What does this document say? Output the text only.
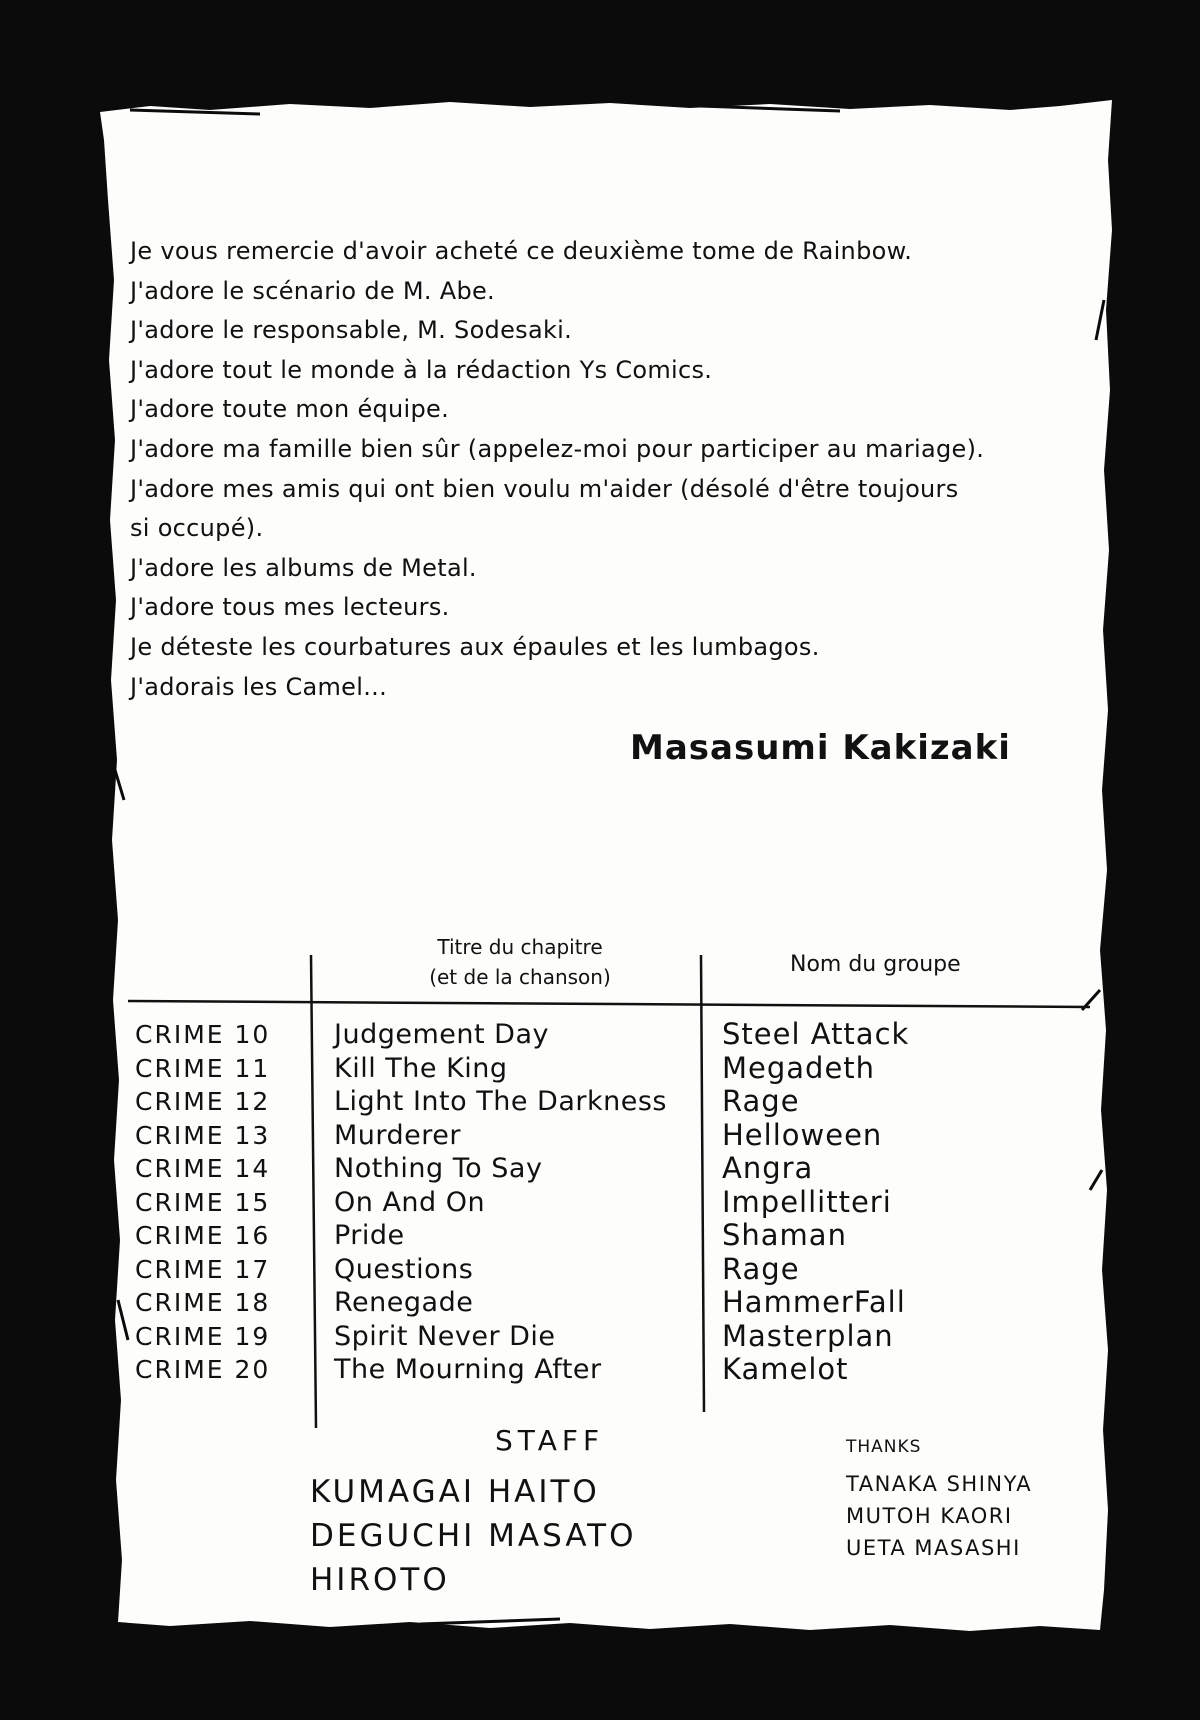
Je vous remercie d'avoir acheté ce deuxième tome de Rainbow.
J'adore le scénario de M. Abe.
J'adore le responsable, M. Sodesaki.
J'adore tout le monde à la rédaction Ys Comics.
J'adore toute mon équipe.
J'adore ma famille bien sûr (appelez-moi pour participer au mariage).
J'adore mes amis qui ont bien voulu m'aider (désolé d'être toujours
si occupé).
J'adore les albums de Metal.
J'adore tous mes lecteurs.
Je déteste les courbatures aux épaules et les lumbagos.
J'adorais les Camel...
Masasumi Kakizaki
Titre du chapitre
(et de la chanson)	Nom du groupe
CRIME 10
CRIME 11
CRIME 12
CRIME 13
CRIME 14
CRIME 15
CRIME 16
CRIME 17
CRIME 18
CRIME 19
CRIME 20
Judgement Day
Kill The King
Light Into The Darkness
Murderer
Nothing To Say
On And On
Pride
Questions
Renegade
Spirit Never Die
The Mourning After
Steel Attack
Megadeth
Rage
Helloween
Angra
Impellitteri
Shaman
Rage
HammerFall
Masterplan
Kamelot
STAFF
KUMAGAI HAITO
DEGUCHI MASATO
HIROTO
THANKS
TANAKA SHINYA
MUTOH KAORI
UETA MASASHI
